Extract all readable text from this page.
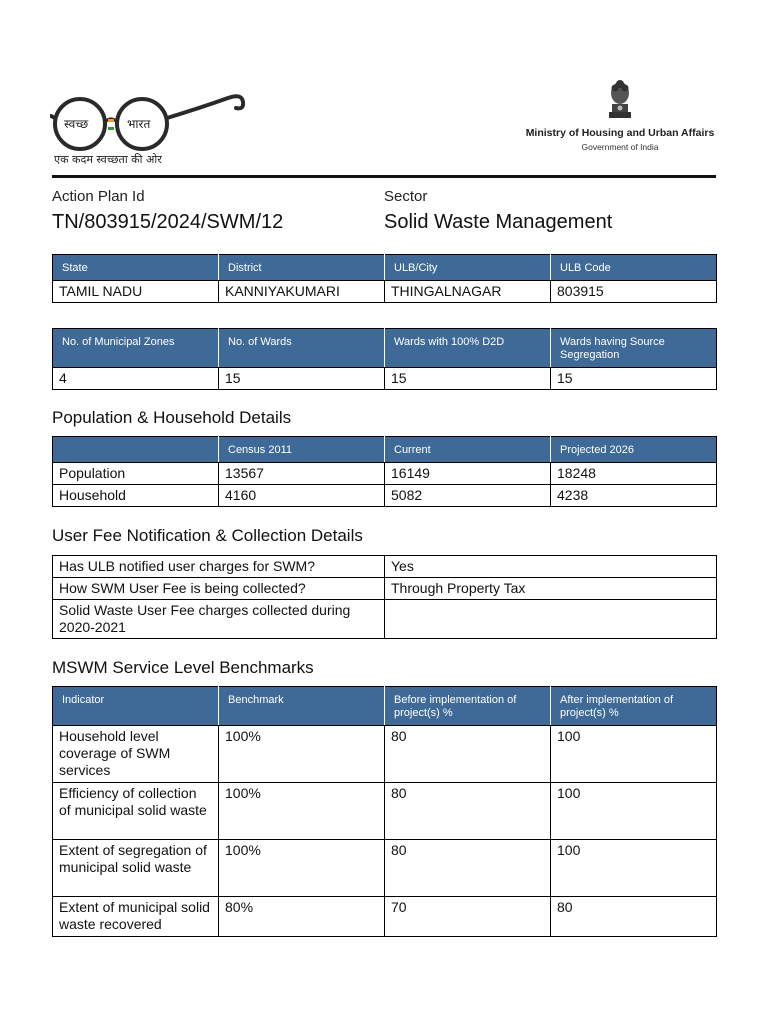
स्वच्छ	भारत
एक कदम स्वच्छता की ओर
Ministry of Housing and Urban Affairs
Government of India
Action Plan Id
TN/803915/2024/SWM/12
Sector
Solid Waste Management
State	District	ULB/City	ULB Code
TAMIL NADU	KANNIYAKUMARI	THINGALNAGAR	803915
No. of Municipal Zones	No. of Wards	Wards with 100% D2D	Wards having Source Segregation
4	15	15	15
Population & Household Details
	Census 2011	Current	Projected 2026
Population	13567	16149	18248
Household	4160	5082	4238
User Fee Notification & Collection Details
Has ULB notified user charges for SWM?	Yes
How SWM User Fee is being collected?	Through Property Tax
Solid Waste User Fee charges collected during 2020-2021	
MSWM Service Level Benchmarks
Indicator	Benchmark	Before implementation of project(s) %	After implementation of project(s) %
Household level coverage of SWM services	100%	80	100
Efficiency of collection of municipal solid waste	100%	80	100
Extent of segregation of municipal solid waste	100%	80	100
Extent of municipal solid waste recovered	80%	70	80
